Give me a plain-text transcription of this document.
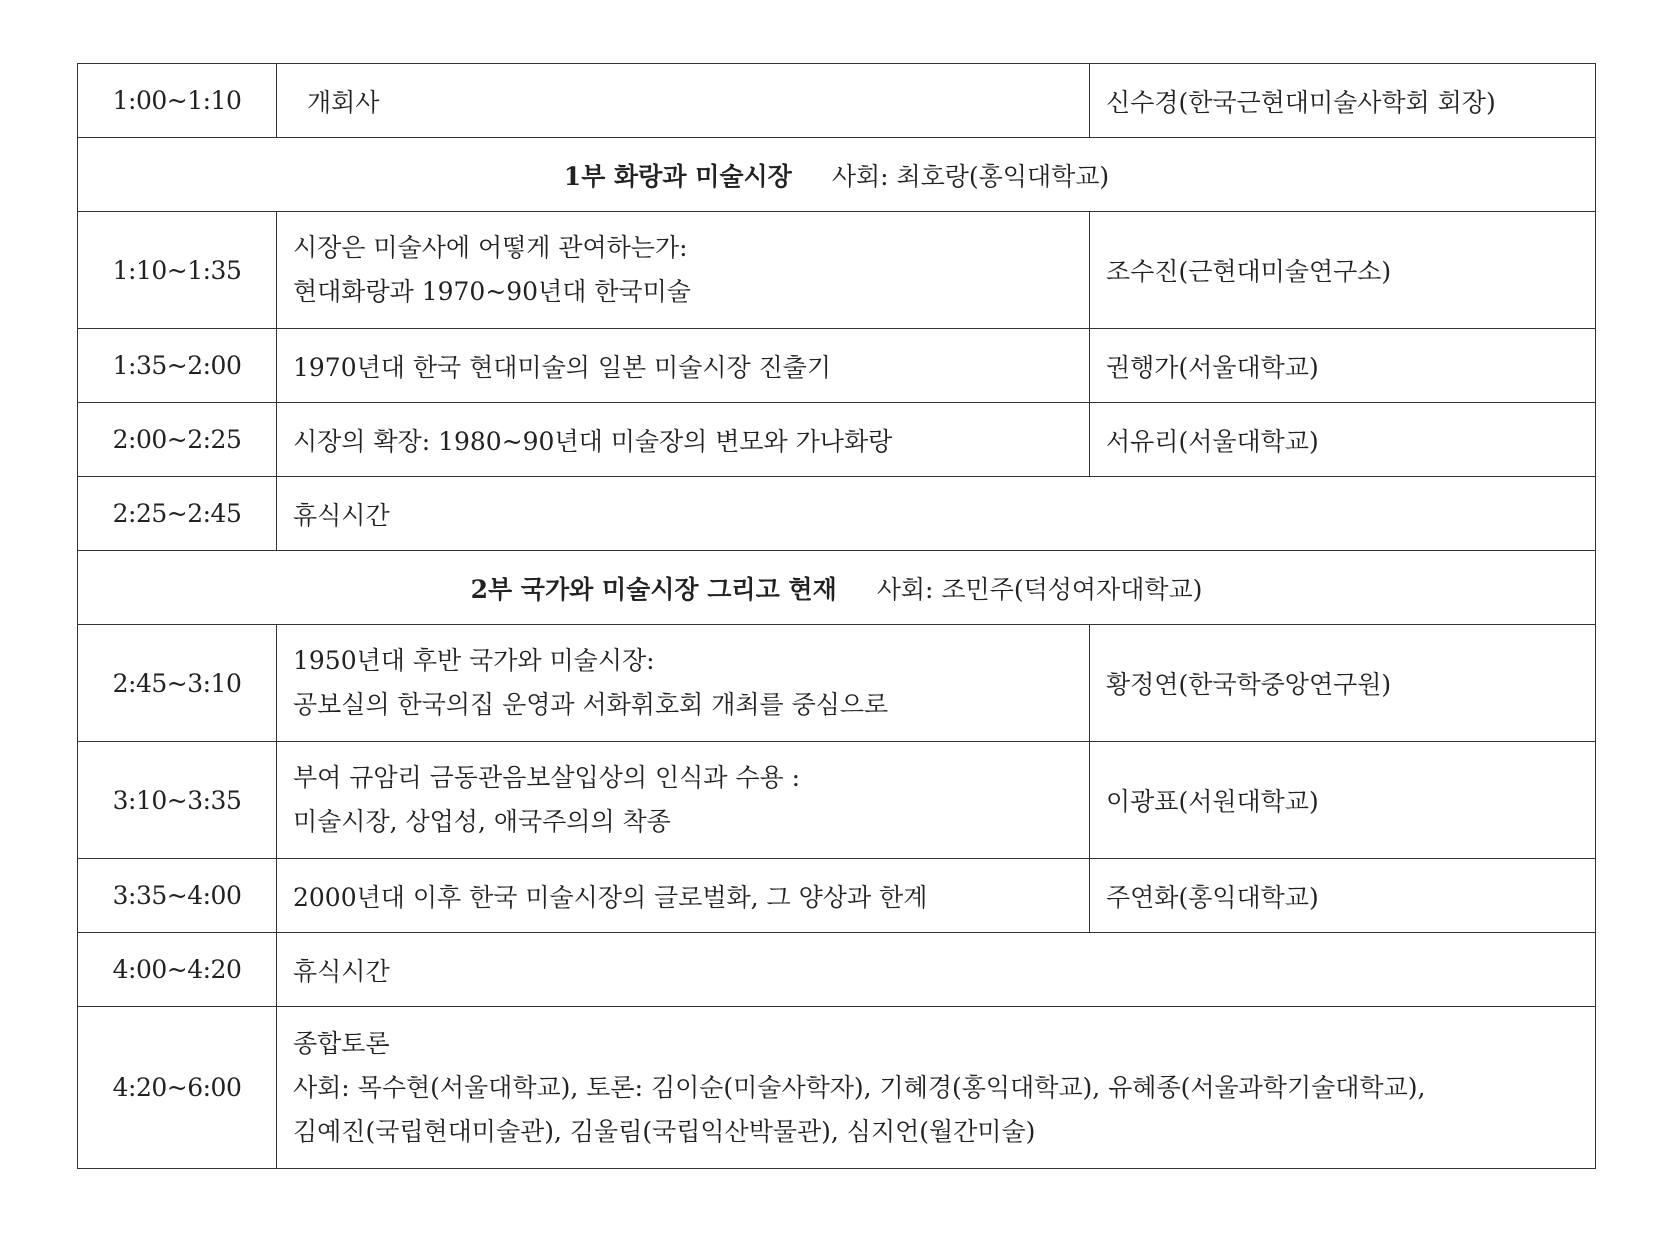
1:00~1:10	개회사	신수경(한국근현대미술사학회 회장)
1부 화랑과 미술시장 사회: 최호랑(홍익대학교)		
1:10~1:35	시장은 미술사에 어떻게 관여하는가:
현대화랑과 1970~90년대 한국미술	조수진(근현대미술연구소)
1:35~2:00	1970년대 한국 현대미술의 일본 미술시장 진출기	권행가(서울대학교)
2:00~2:25	시장의 확장: 1980~90년대 미술장의 변모와 가나화랑	서유리(서울대학교)
2:25~2:45	휴식시간	
2부 국가와 미술시장 그리고 현재 사회: 조민주(덕성여자대학교)		
2:45~3:10	1950년대 후반 국가와 미술시장:
공보실의 한국의집 운영과 서화휘호회 개최를 중심으로	황정연(한국학중앙연구원)
3:10~3:35	부여 규암리 금동관음보살입상의 인식과 수용 :
미술시장, 상업성, 애국주의의 착종	이광표(서원대학교)
3:35~4:00	2000년대 이후 한국 미술시장의 글로벌화, 그 양상과 한계	주연화(홍익대학교)
4:00~4:20	휴식시간	
4:20~6:00	종합토론
사회: 목수현(서울대학교), 토론: 김이순(미술사학자), 기혜경(홍익대학교), 유혜종(서울과학기술대학교),
김예진(국립현대미술관), 김울림(국립익산박물관), 심지언(월간미술)	
